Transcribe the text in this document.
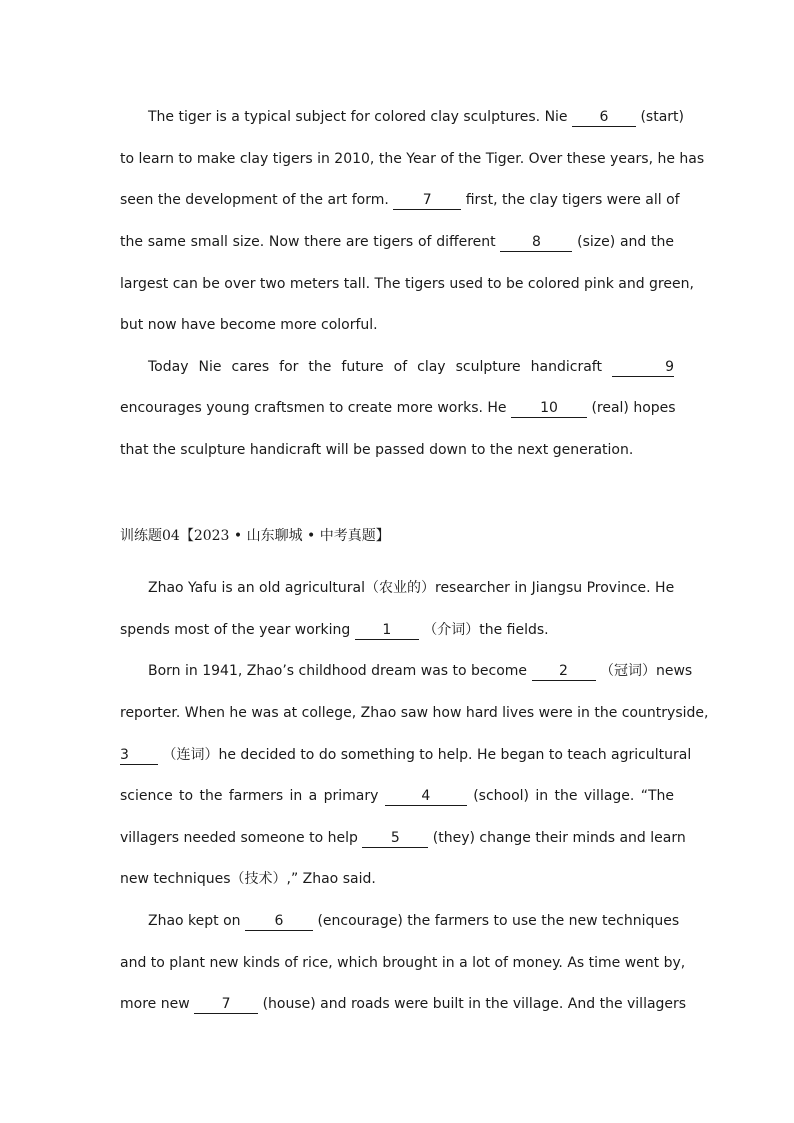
The tiger is a typical subject for colored clay sculptures. Nie 6 (start)
to learn to make clay tigers in 2010, the Year of the Tiger. Over these years, he has
seen the development of the art form. 7 first, the clay tigers were all of
the same small size. Now there are tigers of different	8	(size) and the
largest can be over two meters tall. The tigers used to be colored pink and green,
but now have become more colorful.
Today Nie cares for the future of clay sculpture handicraft	9
encourages young craftsmen to create more works. He 10 (real) hopes
that the sculpture handicraft will be passed down to the next generation.
训练题04【2023 • 山东聊城 • 中考真题】
Zhao Yafu is an old agricultural（农业的）researcher in Jiangsu Province. He
spends most of the year working 1 （介词）the fields.
Born in 1941, Zhao’s childhood dream was to become 2 （冠词）news
reporter. When he was at college, Zhao saw how hard lives were in the countryside,
3 （连词）he decided to do something to help. He began to teach agricultural
science to the farmers in a primary	4	(school) in the village. “The
villagers needed someone to help 5 (they) change their minds and learn
new techniques（技术）,” Zhao said.
Zhao kept on 6 (encourage) the farmers to use the new techniques
and to plant new kinds of rice, which brought in a lot of money. As time went by,
more new 7 (house) and roads were built in the village. And the villagers
